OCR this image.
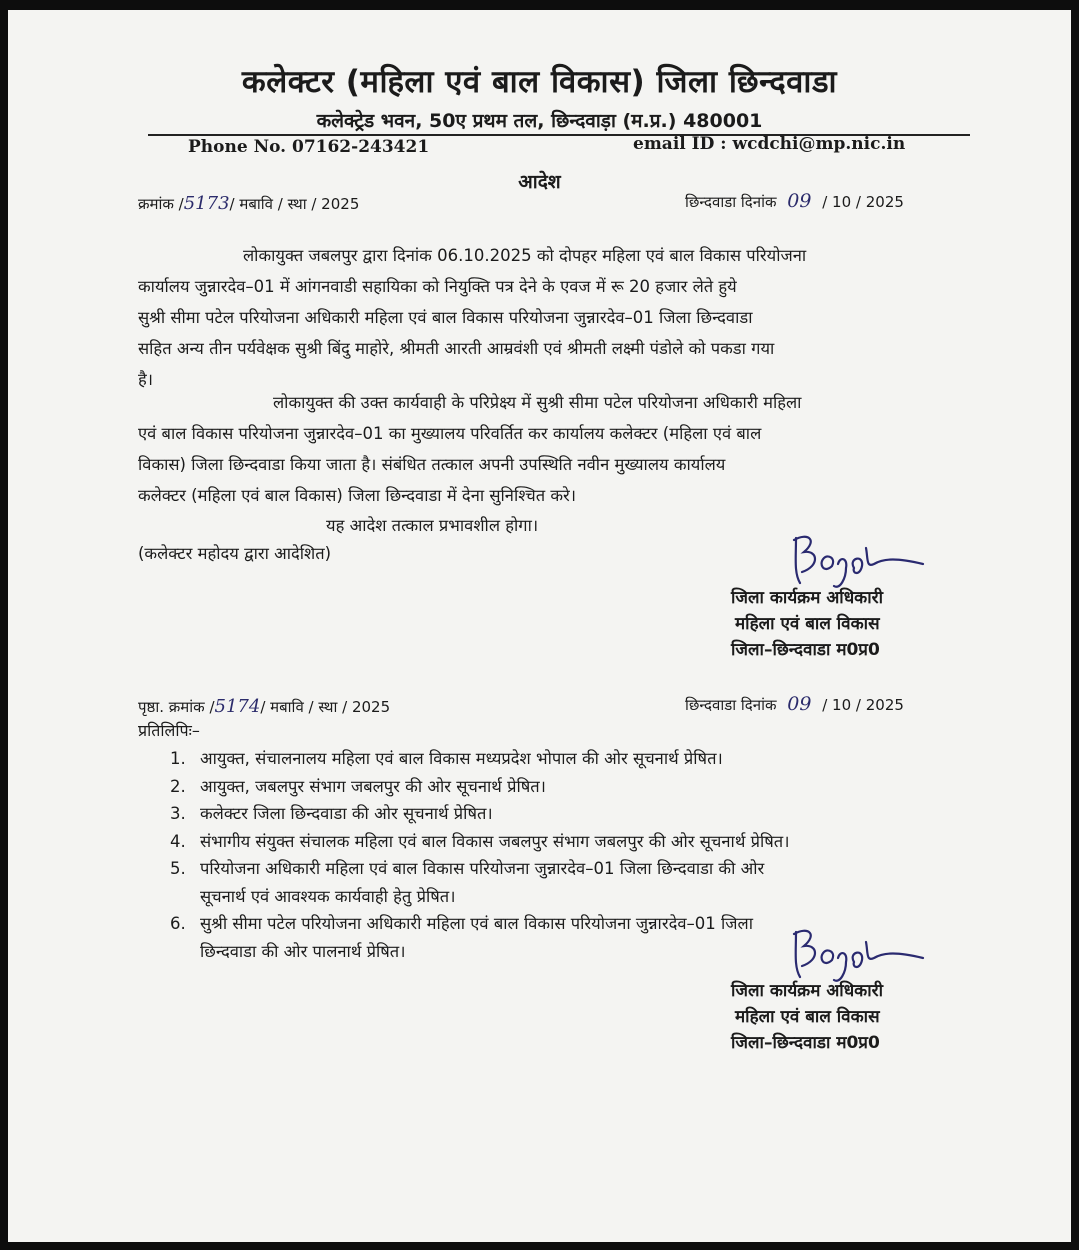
कलेक्टर (महिला एवं बाल विकास) जिला छिन्दवाडा
कलेक्ट्रेड भवन, 50ए प्रथम तल, छिन्दवाड़ा (म.प्र.) 480001
Phone No. 07162-243421	email ID : wcdchi@mp.nic.in
आदेश
क्रमांक /5173/ मबावि / स्था / 2025	छिन्दवाडा दिनांक 09 / 10 / 2025
लोकायुक्त जबलपुर द्वारा दिनांक 06.10.2025 को दोपहर महिला एवं बाल विकास परियोजना
कार्यालय जुन्नारदेव–01 में आंगनवाडी सहायिका को नियुक्ति पत्र देने के एवज में रू 20 हजार लेते हुये
सुश्री सीमा पटेल परियोजना अधिकारी महिला एवं बाल विकास परियोजना जुन्नारदेव–01 जिला छिन्दवाडा
सहित अन्य तीन पर्यवेक्षक सुश्री बिंदु माहोरे, श्रीमती आरती आम्रवंशी एवं श्रीमती लक्ष्मी पंडोले को पकडा गया
है।
लोकायुक्त की उक्त कार्यवाही के परिप्रेक्ष्य में सुश्री सीमा पटेल परियोजना अधिकारी महिला
एवं बाल विकास परियोजना जुन्नारदेव–01 का मुख्यालय परिवर्तित कर कार्यालय कलेक्टर (महिला एवं बाल
विकास) जिला छिन्दवाडा किया जाता है। संबंधित तत्काल अपनी उपस्थिति नवीन मुख्यालय कार्यालय
कलेक्टर (महिला एवं बाल विकास) जिला छिन्दवाडा में देना सुनिश्चित करे।
यह आदेश तत्काल प्रभावशील होगा।
(कलेक्टर महोदय द्वारा आदेशित)
जिला कार्यक्रम अधिकारी
महिला एवं बाल विकास
जिला–छिन्दवाडा म0प्र0
पृष्ठा. क्रमांक /5174/ मबावि / स्था / 2025	छिन्दवाडा दिनांक 09 / 10 / 2025
प्रतिलिपिः–
1. आयुक्त, संचालनालय महिला एवं बाल विकास मध्यप्रदेश भोपाल की ओर सूचनार्थ प्रेषित।
2. आयुक्त, जबलपुर संभाग जबलपुर की ओर सूचनार्थ प्रेषित।
3. कलेक्टर जिला छिन्दवाडा की ओर सूचनार्थ प्रेषित।
4. संभागीय संयुक्त संचालक महिला एवं बाल विकास जबलपुर संभाग जबलपुर की ओर सूचनार्थ प्रेषित।
5. परियोजना अधिकारी महिला एवं बाल विकास परियोजना जुन्नारदेव–01 जिला छिन्दवाडा की ओर
सूचनार्थ एवं आवश्यक कार्यवाही हेतु प्रेषित।
6. सुश्री सीमा पटेल परियोजना अधिकारी महिला एवं बाल विकास परियोजना जुन्नारदेव–01 जिला
छिन्दवाडा की ओर पालनार्थ प्रेषित।
जिला कार्यक्रम अधिकारी
महिला एवं बाल विकास
जिला–छिन्दवाडा म0प्र0
